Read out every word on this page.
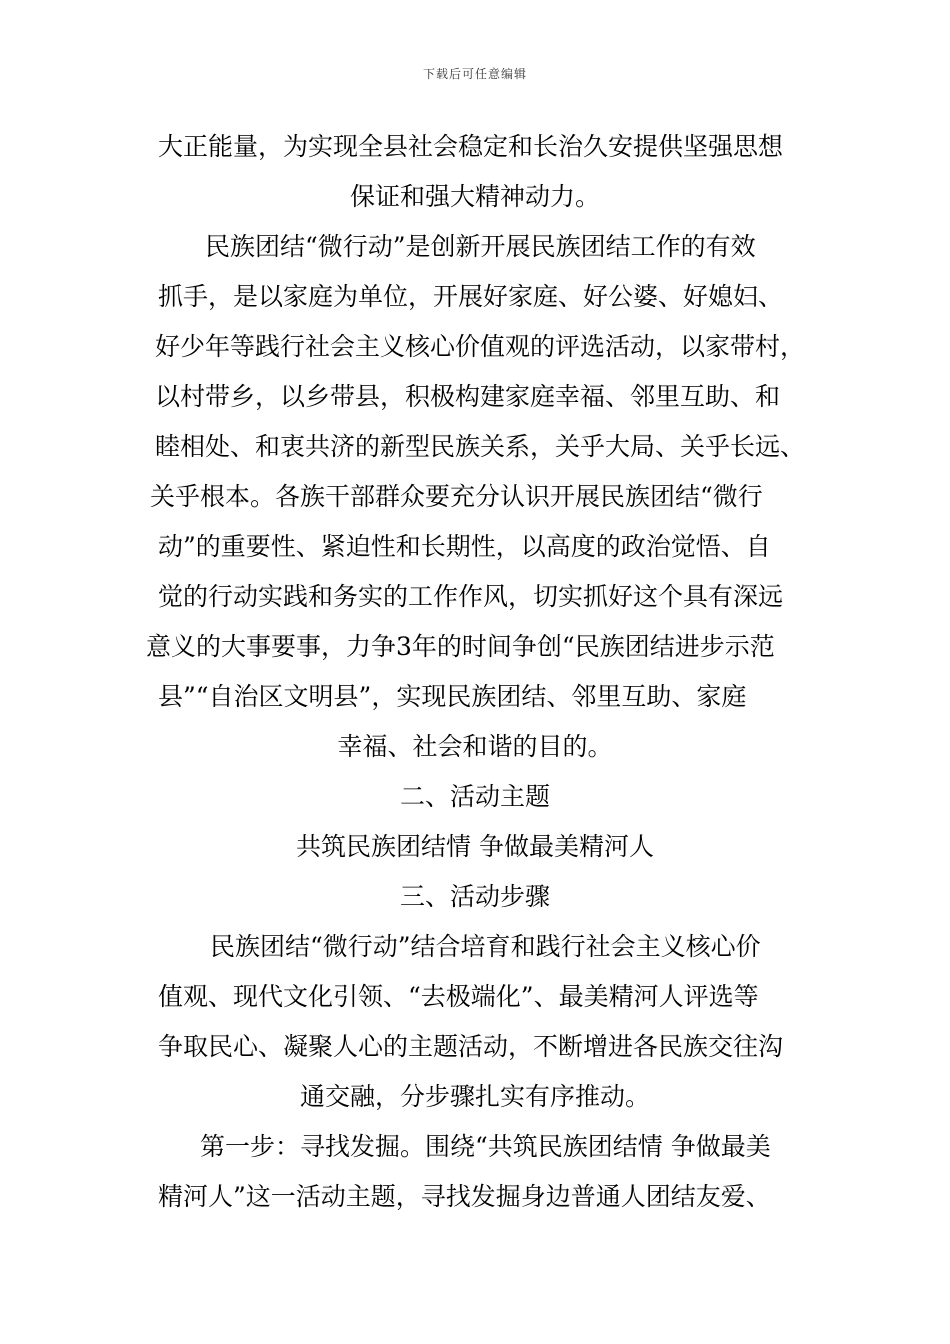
下载后可任意编辑
大正能量，为实现全县社会稳定和长治久安提供坚强思想
保证和强大精神动力。
民族团结“微行动”是创新开展民族团结工作的有效
抓手，是以家庭为单位，开展好家庭、好公婆、好媳妇、
好少年等践行社会主义核心价值观的评选活动，以家带村，
以村带乡，以乡带县，积极构建家庭幸福、邻里互助、和
睦相处、和衷共济的新型民族关系，关乎大局、关乎长远、
关乎根本。各族干部群众要充分认识开展民族团结“微行
动”的重要性、紧迫性和长期性，以高度的政治觉悟、自
觉的行动实践和务实的工作作风，切实抓好这个具有深远
意义的大事要事，力争3年的时间争创“民族团结进步示范
县”“自治区文明县”，实现民族团结、邻里互助、家庭
幸福、社会和谐的目的。
二、活动主题
共筑民族团结情 争做最美精河人
三、活动步骤
民族团结“微行动”结合培育和践行社会主义核心价
值观、现代文化引领、“去极端化”、最美精河人评选等
争取民心、凝聚人心的主题活动，不断增进各民族交往沟
通交融，分步骤扎实有序推动。
第一步：寻找发掘。围绕“共筑民族团结情 争做最美
精河人”这一活动主题，寻找发掘身边普通人团结友爱、
